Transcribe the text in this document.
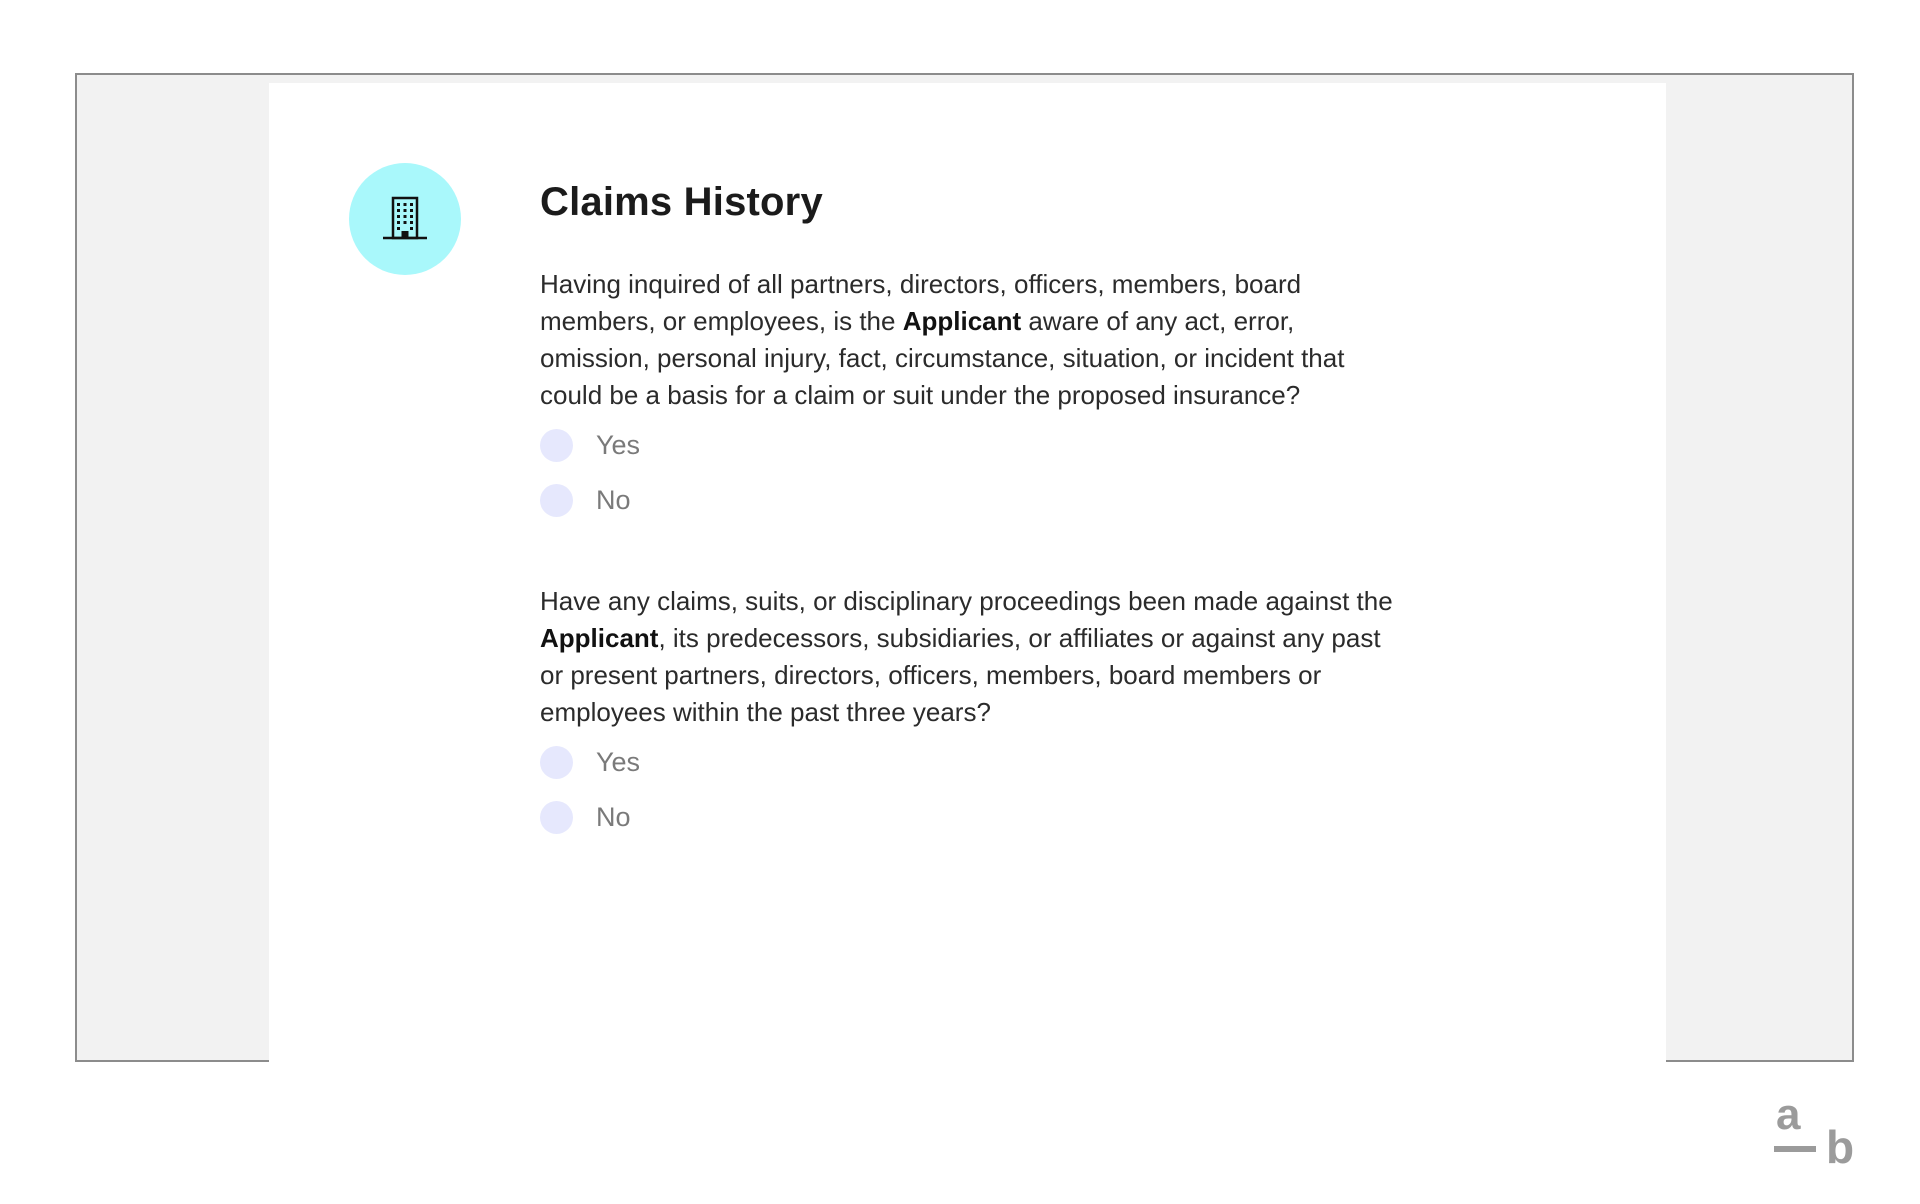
Claims History

Having inquired of all partners, directors, officers, members, board members, or employees, is the Applicant aware of any act, error, omission, personal injury, fact, circumstance, situation, or incident that could be a basis for a claim or suit under the proposed insurance?

Yes
No

Have any claims, suits, or disciplinary proceedings been made against the Applicant, its predecessors, subsidiaries, or affiliates or against any past or present partners, directors, officers, members, board members or employees within the past three years?

Yes
No
a
b
